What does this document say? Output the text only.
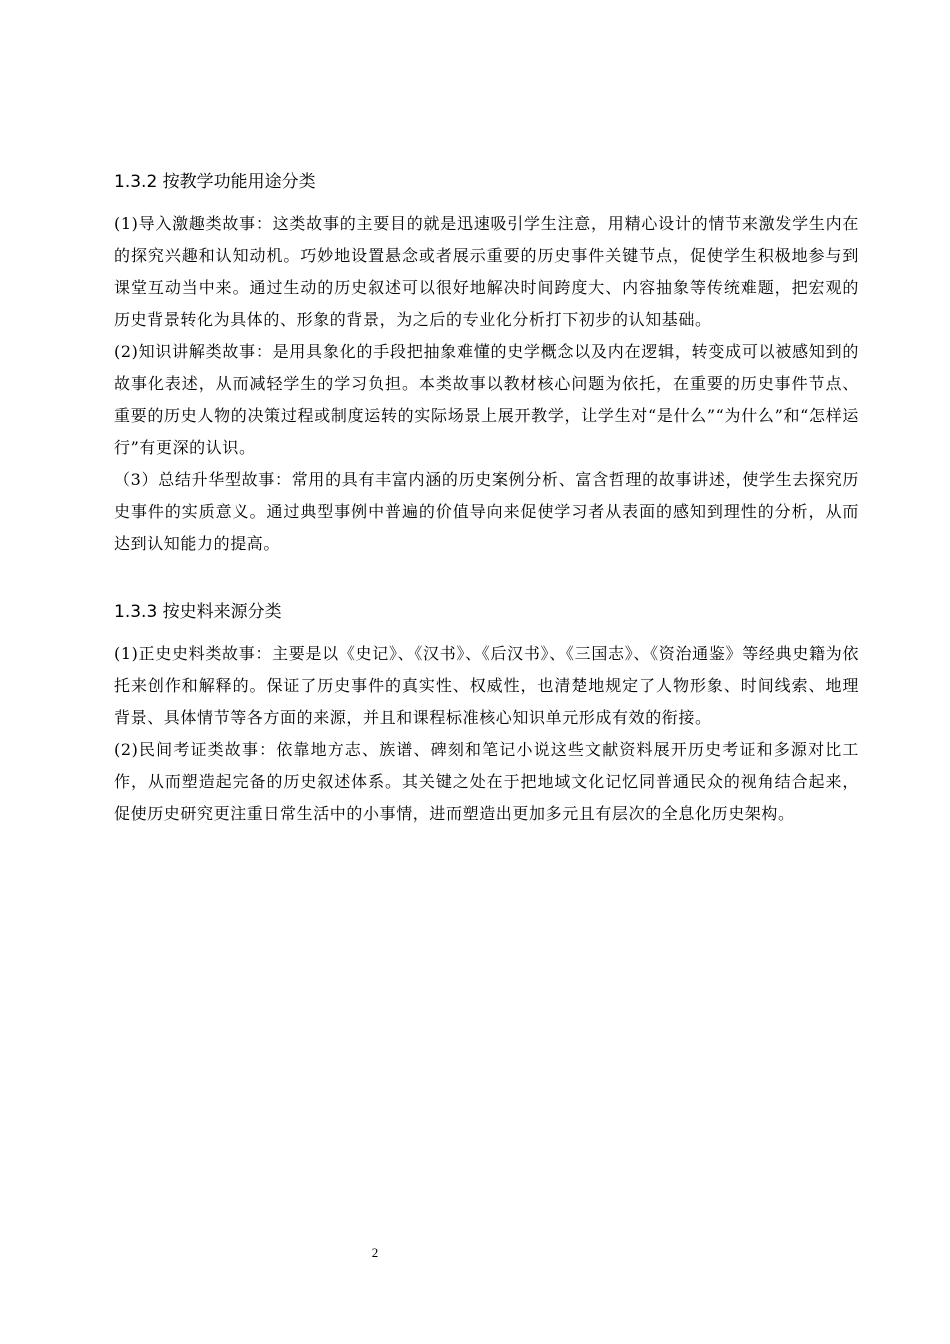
1.3.2 按教学功能用途分类

(1)导入激趣类故事：这类故事的主要目的就是迅速吸引学生注意，用精心设计的情节来激发学生内在的探究兴趣和认知动机。巧妙地设置悬念或者展示重要的历史事件关键节点，促使学生积极地参与到课堂互动当中来。通过生动的历史叙述可以很好地解决时间跨度大、内容抽象等传统难题，把宏观的历史背景转化为具体的、形象的背景，为之后的专业化分析打下初步的认知基础。

(2)知识讲解类故事：是用具象化的手段把抽象难懂的史学概念以及内在逻辑，转变成可以被感知到的故事化表述，从而减轻学生的学习负担。本类故事以教材核心问题为依托，在重要的历史事件节点、重要的历史人物的决策过程或制度运转的实际场景上展开教学，让学生对“是什么”“为什么”和“怎样运行”有更深的认识。

（3）总结升华型故事：常用的具有丰富内涵的历史案例分析、富含哲理的故事讲述，使学生去探究历史事件的实质意义。通过典型事例中普遍的价值导向来促使学习者从表面的感知到理性的分析，从而达到认知能力的提高。

1.3.3 按史料来源分类

(1)正史史料类故事：主要是以《史记》、《汉书》、《后汉书》、《三国志》、《资治通鉴》等经典史籍为依托来创作和解释的。保证了历史事件的真实性、权威性，也清楚地规定了人物形象、时间线索、地理背景、具体情节等各方面的来源，并且和课程标准核心知识单元形成有效的衔接。

(2)民间考证类故事：依靠地方志、族谱、碑刻和笔记小说这些文献资料展开历史考证和多源对比工作，从而塑造起完备的历史叙述体系。其关键之处在于把地域文化记忆同普通民众的视角结合起来，促使历史研究更注重日常生活中的小事情，进而塑造出更加多元且有层次的全息化历史架构。

2
